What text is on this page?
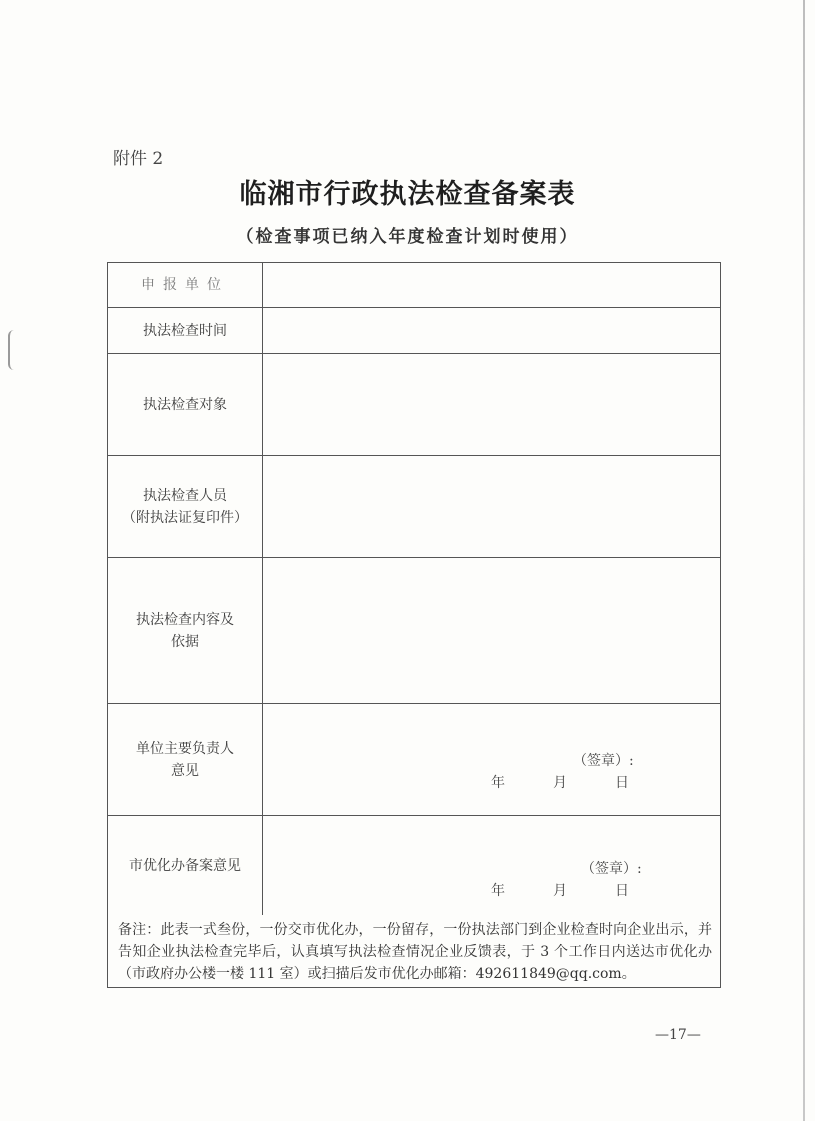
附件 2
临湘市行政执法检查备案表
（检查事项已纳入年度检查计划时使用）
申报单位
执法检查时间
执法检查对象
执法检查人员
（附执法证复印件）
执法检查内容及
依据
单位主要负责人
意见
（签章）:
年	月	日
市优化办备案意见	（签章）:
年	月	日
备注：此表一式叁份，一份交市优化办，一份留存，一份执法部门到企业检查时向企业出示，并告知企业执法检查完毕后，认真填写执法检查情况企业反馈表，于 3 个工作日内送达市优化办（市政府办公楼一楼 111 室）或扫描后发市优化办邮箱：492611849@qq.com。
—17—
